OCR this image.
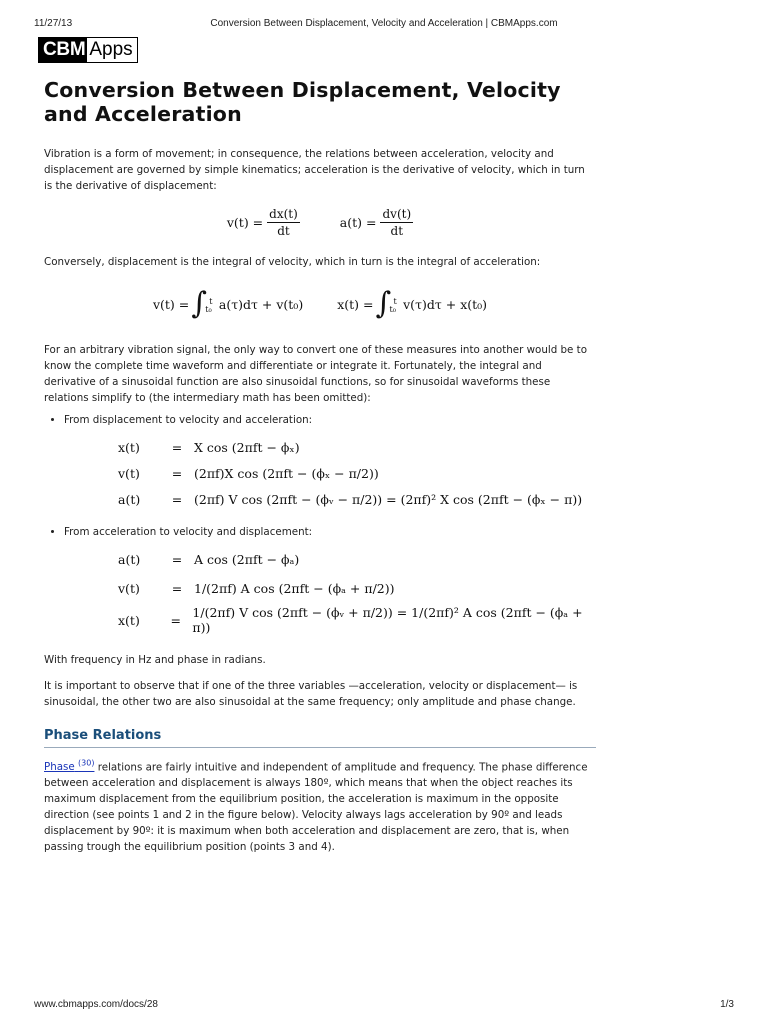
11/27/13	Conversion Between Displacement, Velocity and Acceleration | CBMApps.com
CBM Apps
Conversion Between Displacement, Velocity and Acceleration

Vibration is a form of movement; in consequence, the relations between acceleration, velocity and displacement are governed by simple kinematics; acceleration is the derivative of velocity, which in turn is the derivative of displacement:

$v(t) = \frac{dx(t)}{dt}$	$a(t) = \frac{dv(t)}{dt}$

Conversely, displacement is the integral of velocity, which in turn is the integral of acceleration:

v(t) = ∫ t
t₀ a(τ)dτ + v(t₀)	x(t) = ∫ t
t₀ v(τ)dτ + x(t₀)

For an arbitrary vibration signal, the only way to convert one of these measures into another would be to know the complete time waveform and differentiate or integrate it. Fortunately, the integral and derivative of a sinusoidal function are also sinusoidal functions, so for sinusoidal waveforms these relations simplify to (the intermediary math has been omitted):

• From displacement to velocity and acceleration:
x(t)	= X cos (2πft − ϕₓ)
v(t)	= (2πf)X cos (2πft − (ϕₓ − π/2))
a(t)	= (2πf) V cos (2πft − (ϕᵥ − π/2)) = (2πf)² X cos (2πft − (ϕₓ − π))
• From acceleration to velocity and displacement:
a(t)	= A cos (2πft − ϕₐ)
v(t)	= 1/(2πf) A cos (2πft − (ϕₐ + π/2))
x(t)	= 1/(2πf) V cos (2πft − (ϕᵥ + π/2)) = 1/(2πf)² A cos (2πft − (ϕₐ + π))

With frequency in Hz and phase in radians.

It is important to observe that if one of the three variables —acceleration, velocity or displacement— is sinusoidal, the other two are also sinusoidal at the same frequency; only amplitude and phase change.

Phase Relations

Phase $^{(30)}$ relations are fairly intuitive and independent of amplitude and frequency. The phase difference between acceleration and displacement is always 180º, which means that when the object reaches its maximum displacement from the equilibrium position, the acceleration is maximum in the opposite direction (see points 1 and 2 in the figure below). Velocity always lags acceleration by 90º and leads displacement by 90º: it is maximum when both acceleration and displacement are zero, that is, when passing trough the equilibrium position (points 3 and 4).

www.cbmapps.com/docs/28	1/3
